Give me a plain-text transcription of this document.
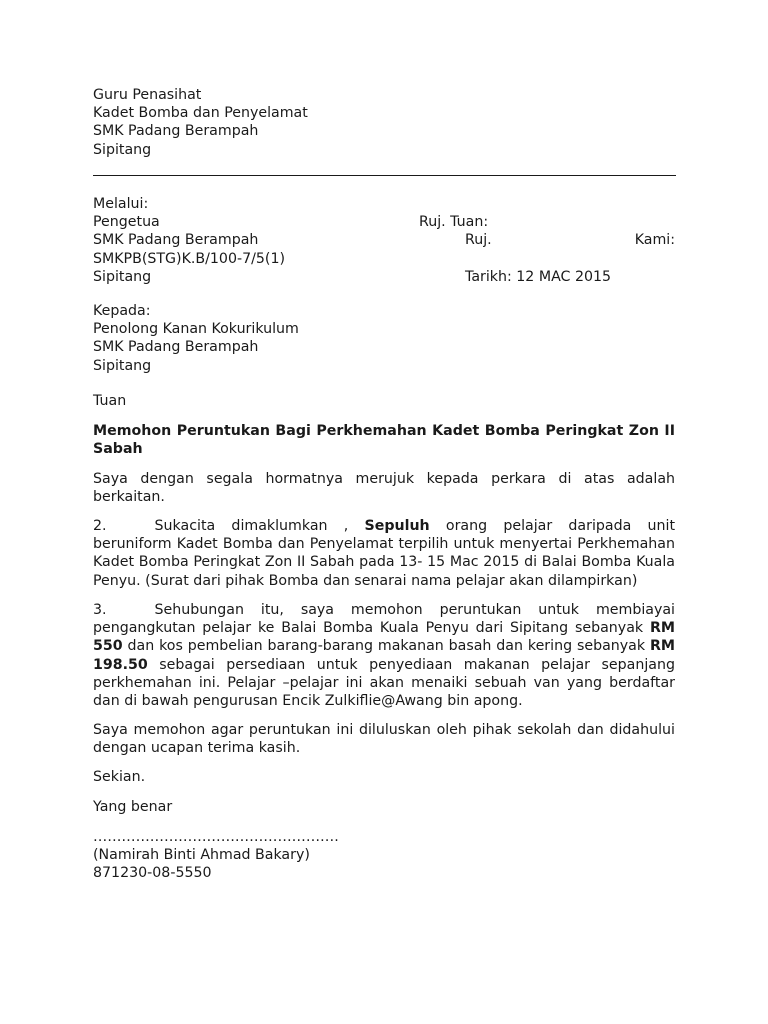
Guru Penasihat
Kadet Bomba dan Penyelamat
SMK Padang Berampah
Sipitang
Melalui:
Pengetua	Ruj. Tuan:
SMK Padang Berampah	Ruj.	Kami:
SMKPB(STG)K.B/100-7/5(1)
Sipitang	Tarikh: 12 MAC 2015
Kepada:
Penolong Kanan Kokurikulum
SMK Padang Berampah
Sipitang
Tuan
Memohon Peruntukan Bagi Perkhemahan Kadet Bomba Peringkat Zon II Sabah
Saya dengan segala hormatnya merujuk kepada perkara di atas adalah berkaitan.
2.	Sukacita dimaklumkan , Sepuluh orang pelajar daripada unit beruniform Kadet Bomba dan Penyelamat terpilih untuk menyertai Perkhemahan Kadet Bomba Peringkat Zon II Sabah pada 13- 15 Mac 2015 di Balai Bomba Kuala Penyu. (Surat dari pihak Bomba dan senarai nama pelajar akan dilampirkan)
3.	Sehubungan itu, saya memohon peruntukan untuk membiayai pengangkutan pelajar ke Balai Bomba Kuala Penyu dari Sipitang sebanyak RM 550 dan kos pembelian barang-barang makanan basah dan kering sebanyak RM 198.50 sebagai persediaan untuk penyediaan makanan pelajar sepanjang perkhemahan ini. Pelajar –pelajar ini akan menaiki sebuah van yang berdaftar dan di bawah pengurusan Encik Zulkiflie@Awang bin apong.
Saya memohon agar peruntukan ini diluluskan oleh pihak sekolah dan didahului dengan ucapan terima kasih.
Sekian.
Yang benar
…………………………………………….
(Namirah Binti Ahmad Bakary)
871230-08-5550
